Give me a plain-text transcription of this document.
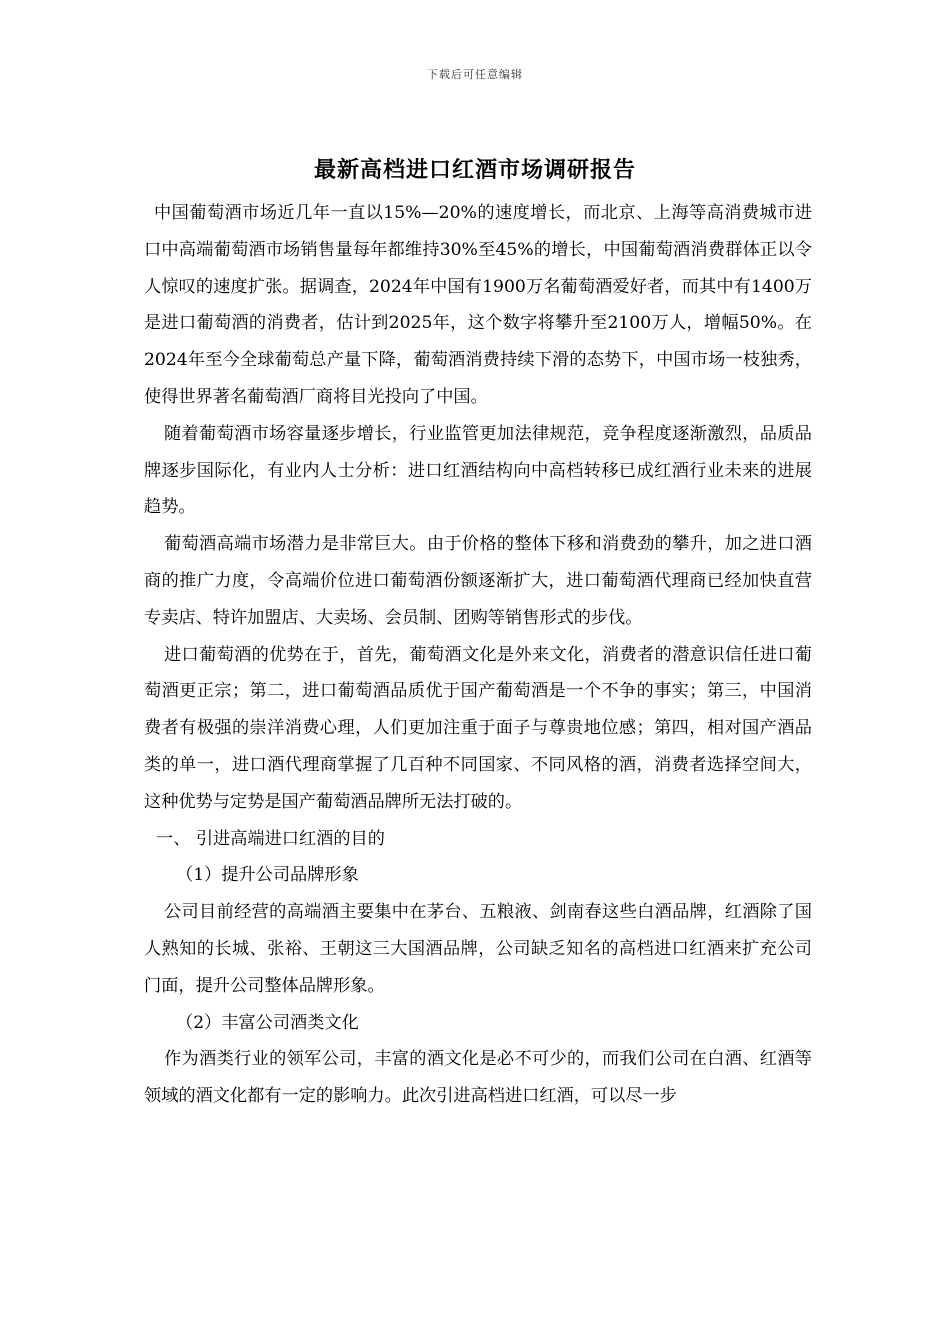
下载后可任意编辑
最新高档进口红酒市场调研报告

中国葡萄酒市场近几年一直以15%—20%的速度增长，而北京、上海等高消费城市进口中高端葡萄酒市场销售量每年都维持30%至45%的增长，中国葡萄酒消费群体正以令人惊叹的速度扩张。据调查，2024年中国有1900万名葡萄酒爱好者，而其中有1400万是进口葡萄酒的消费者，估计到2025年，这个数字将攀升至2100万人，增幅50%。在2024年至今全球葡萄总产量下降，葡萄酒消费持续下滑的态势下，中国市场一枝独秀，使得世界著名葡萄酒厂商将目光投向了中国。

随着葡萄酒市场容量逐步增长，行业监管更加法律规范，竞争程度逐渐激烈，品质品牌逐步国际化，有业内人士分析：进口红酒结构向中高档转移已成红酒行业未来的进展趋势。

葡萄酒高端市场潜力是非常巨大。由于价格的整体下移和消费劲的攀升，加之进口酒商的推广力度，令高端价位进口葡萄酒份额逐渐扩大，进口葡萄酒代理商已经加快直营专卖店、特许加盟店、大卖场、会员制、团购等销售形式的步伐。

进口葡萄酒的优势在于，首先，葡萄酒文化是外来文化，消费者的潜意识信任进口葡萄酒更正宗；第二，进口葡萄酒品质优于国产葡萄酒是一个不争的事实；第三，中国消费者有极强的崇洋消费心理，人们更加注重于面子与尊贵地位感；第四，相对国产酒品类的单一，进口酒代理商掌握了几百种不同国家、不同风格的酒，消费者选择空间大，这种优势与定势是国产葡萄酒品牌所无法打破的。

一、 引进高端进口红酒的目的

（1）提升公司品牌形象

公司目前经营的高端酒主要集中在茅台、五粮液、剑南春这些白酒品牌，红酒除了国人熟知的长城、张裕、王朝这三大国酒品牌，公司缺乏知名的高档进口红酒来扩充公司门面，提升公司整体品牌形象。

（2）丰富公司酒类文化

作为酒类行业的领军公司，丰富的酒文化是必不可少的，而我们公司在白酒、红酒等领域的酒文化都有一定的影响力。此次引进高档进口红酒，可以尽一步
